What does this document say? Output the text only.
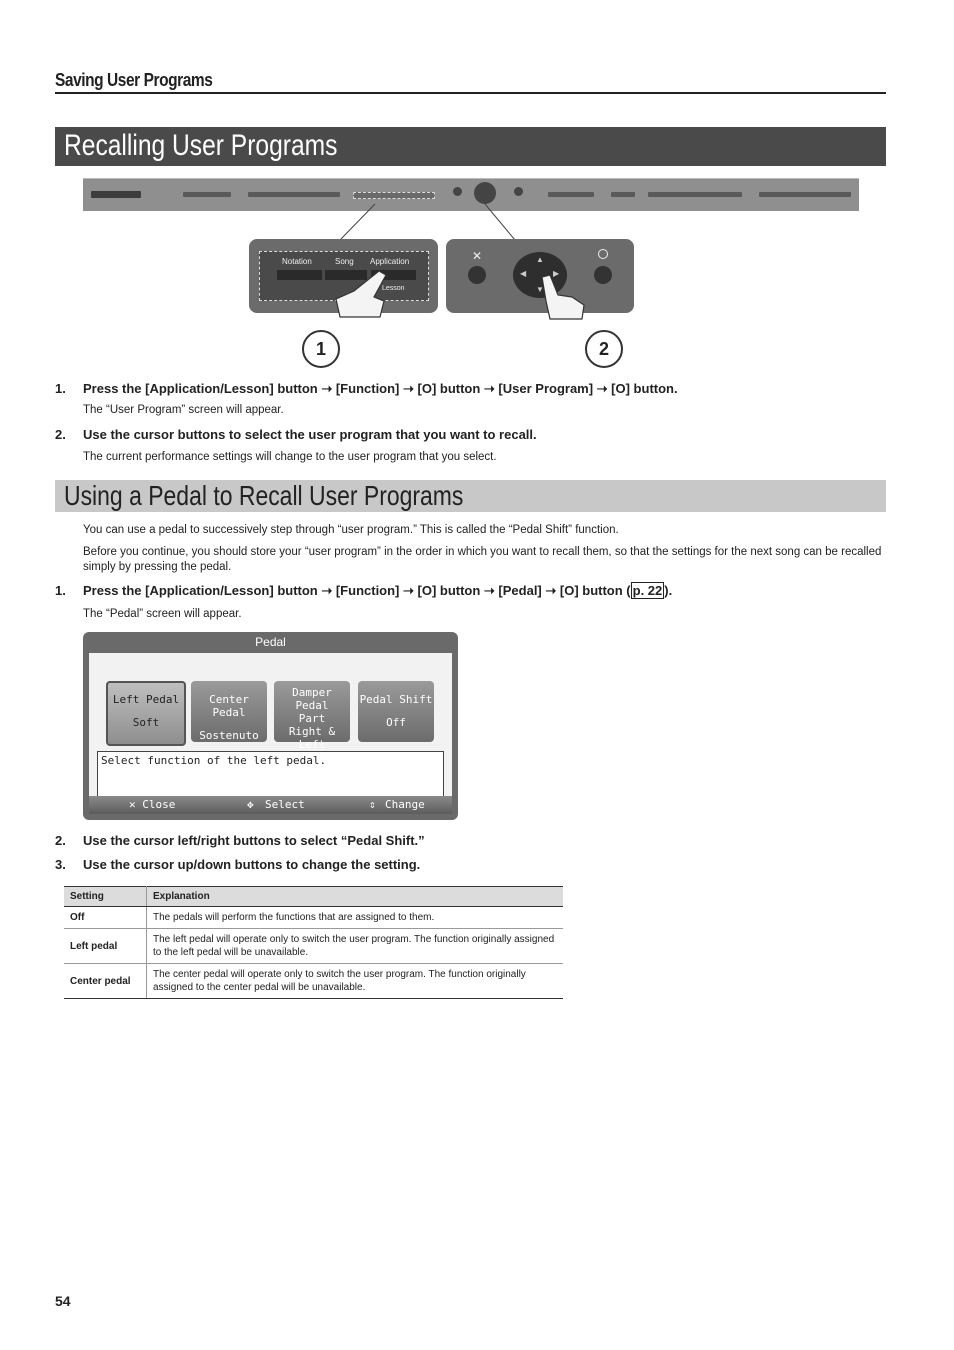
Saving User Programs
Recalling User Programs
Notation	Song Application
Lesson
✕	▲
▼
◀	▶
1	2
1. Press the [Application/Lesson] button ➝ [Function] ➝ [O] button ➝ [User Program] ➝ [O] button.
The “User Program” screen will appear.
2. Use the cursor buttons to select the user program that you want to recall.
The current performance settings will change to the user program that you select.
Using a Pedal to Recall User Programs
You can use a pedal to successively step through “user program.” This is called the “Pedal Shift” function.
Before you continue, you should store your “user program” in the order in which you want to recall them, so that the settings for the next song can be recalled simply by pressing the pedal.
1. Press the [Application/Lesson] button ➝ [Function] ➝ [O] button ➝ [Pedal] ➝ [O] button ( p. 22 ).
The “Pedal” screen will appear.
Pedal
Left Pedal
Soft
Center Pedal
Sostenuto
Damper Pedal
Part
Right & Left
Pedal Shift
Off
Select function of the left pedal.
✕ Close	✥ Select	⇕ Change
2. Use the cursor left/right buttons to select “Pedal Shift.”
3. Use the cursor up/down buttons to change the setting.
Setting	Explanation
Off	The pedals will perform the functions that are assigned to them.
Left pedal	The left pedal will operate only to switch the user program. The function originally assigned to the left pedal will be unavailable.
Center pedal	The center pedal will operate only to switch the user program. The function originally assigned to the center pedal will be unavailable.
54
